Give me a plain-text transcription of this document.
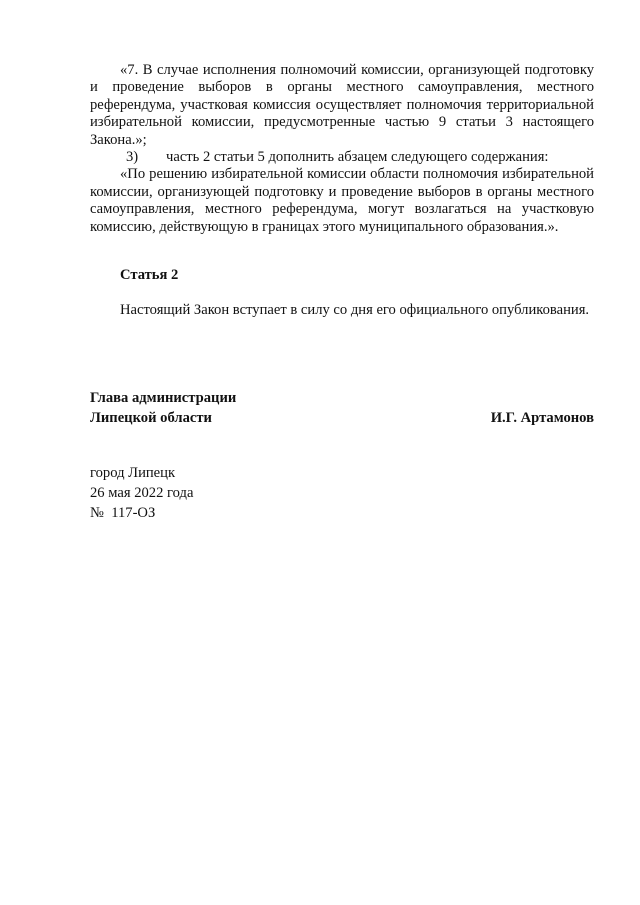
«7. В случае исполнения полномочий комиссии, организующей подготовку и проведение выборов в органы местного самоуправления, местного референдума, участковая комиссия осуществляет полномочия территориальной избирательной комиссии, предусмотренные частью 9 статьи 3 настоящего Закона.»;

3) часть 2 статьи 5 дополнить абзацем следующего содержания:

«По решению избирательной комиссии области полномочия избирательной комиссии, организующей подготовку и проведение выборов в органы местного самоуправления, местного референдума, могут возлагаться на участковую комиссию, действующую в границах этого муниципального образования.».

Статья 2

Настоящий Закон вступает в силу со дня его официального опубликования.

Глава администрации
Липецкой области	И.Г. Артамонов
город Липецк
26 мая 2022 года
№  117-ОЗ
